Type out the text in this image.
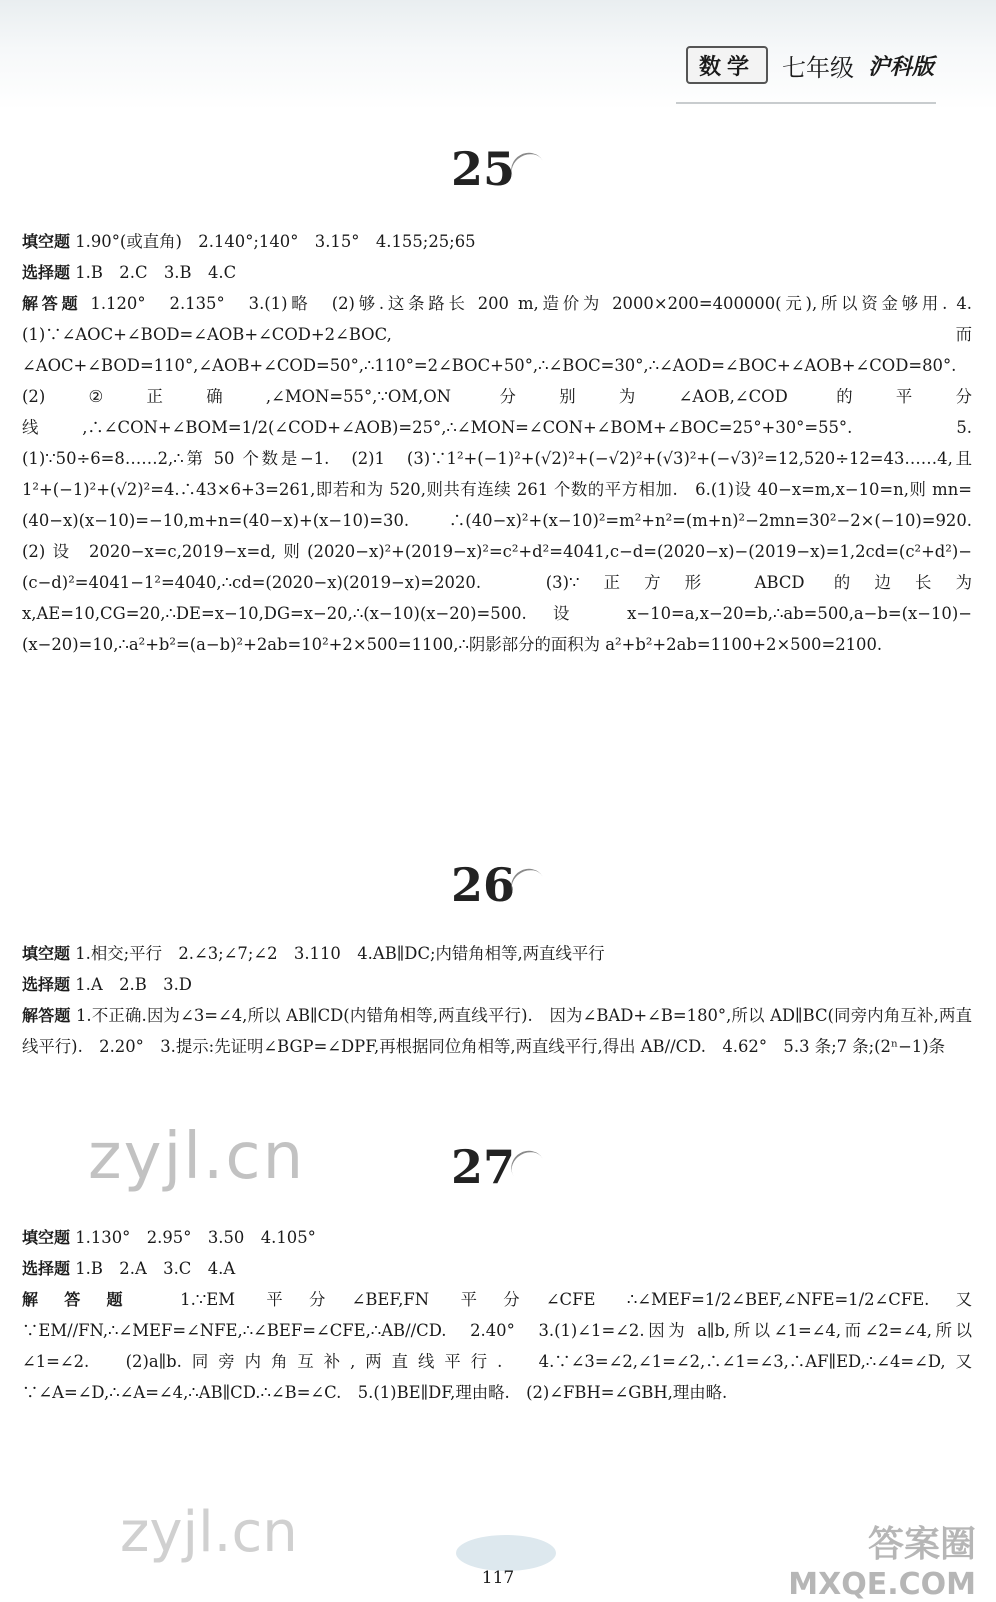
数学	七年级 沪科版
25

填空题 1.90°(或直角)　2.140°;140°　3.15°　4.155;25;65

选择题 1.B　2.C　3.B　4.C

解答题 1.120°　2.135°　3.(1)略　(2)够.这条路长 200 m,造价为 2000×200=400000(元),所以资金够用. 4.(1)∵∠AOC+∠BOD=∠AOB+∠COD+2∠BOC,而∠AOC+∠BOD=110°,∠AOB+∠COD=50°,∴110°=2∠BOC+50°,∴∠BOC=30°,∴∠AOD=∠BOC+∠AOB+∠COD=80°.　(2)②正确,∠MON=55°,∵OM,ON 分别为∠AOB,∠COD 的平分线,∴∠CON+∠BOM=1/2(∠COD+∠AOB)=25°,∴∠MON=∠CON+∠BOM+∠BOC=25°+30°=55°.　5.(1)∵50÷6=8……2,∴第 50 个数是−1.　(2)1　(3)∵1²+(−1)²+(√2)²+(−√2)²+(√3)²+(−√3)²=12,520÷12=43……4,且 1²+(−1)²+(√2)²=4.∴43×6+3=261,即若和为 520,则共有连续 261 个数的平方相加.　6.(1)设 40−x=m,x−10=n,则 mn=(40−x)(x−10)=−10,m+n=(40−x)+(x−10)=30.　∴(40−x)²+(x−10)²=m²+n²=(m+n)²−2mn=30²−2×(−10)=920.　(2)设 2020−x=c,2019−x=d,则(2020−x)²+(2019−x)²=c²+d²=4041,c−d=(2020−x)−(2019−x)=1,2cd=(c²+d²)−(c−d)²=4041−1²=4040,∴cd=(2020−x)(2019−x)=2020.　(3)∵正方形 ABCD 的边长为 x,AE=10,CG=20,∴DE=x−10,DG=x−20,∴(x−10)(x−20)=500.设 x−10=a,x−20=b,∴ab=500,a−b=(x−10)−(x−20)=10,∴a²+b²=(a−b)²+2ab=10²+2×500=1100,∴阴影部分的面积为 a²+b²+2ab=1100+2×500=2100.

26

填空题 1.相交;平行　2.∠3;∠7;∠2　3.110　4.AB∥DC;内错角相等,两直线平行

选择题 1.A　2.B　3.D

解答题 1.不正确.因为∠3=∠4,所以 AB∥CD(内错角相等,两直线平行).　因为∠BAD+∠B=180°,所以 AD∥BC(同旁内角互补,两直线平行).　2.20°　3.提示:先证明∠BGP=∠DPF,再根据同位角相等,两直线平行,得出 AB//CD.　4.62°　5.3 条;7 条;(2ⁿ−1)条

zyjl.cn	27

填空题 1.130°　2.95°　3.50　4.105°

选择题 1.B　2.A　3.C　4.A

解答题 1.∵EM 平分∠BEF,FN 平分∠CFE ∴∠MEF=1/2∠BEF,∠NFE=1/2∠CFE.又∵EM//FN,∴∠MEF=∠NFE,∴∠BEF=∠CFE,∴AB//CD.　2.40°　3.(1)∠1=∠2.因为 a∥b,所以∠1=∠4,而∠2=∠4,所以∠1=∠2.　(2)a∥b.同旁内角互补,两直线平行.　4.∵∠3=∠2,∠1=∠2,∴∠1=∠3,∴AF∥ED,∴∠4=∠D,又∵∠A=∠D,∴∠A=∠4,∴AB∥CD.∴∠B=∠C.　5.(1)BE∥DF,理由略.　(2)∠FBH=∠GBH,理由略.

zyjl.cn
117
答案圈
MXQE.COM
